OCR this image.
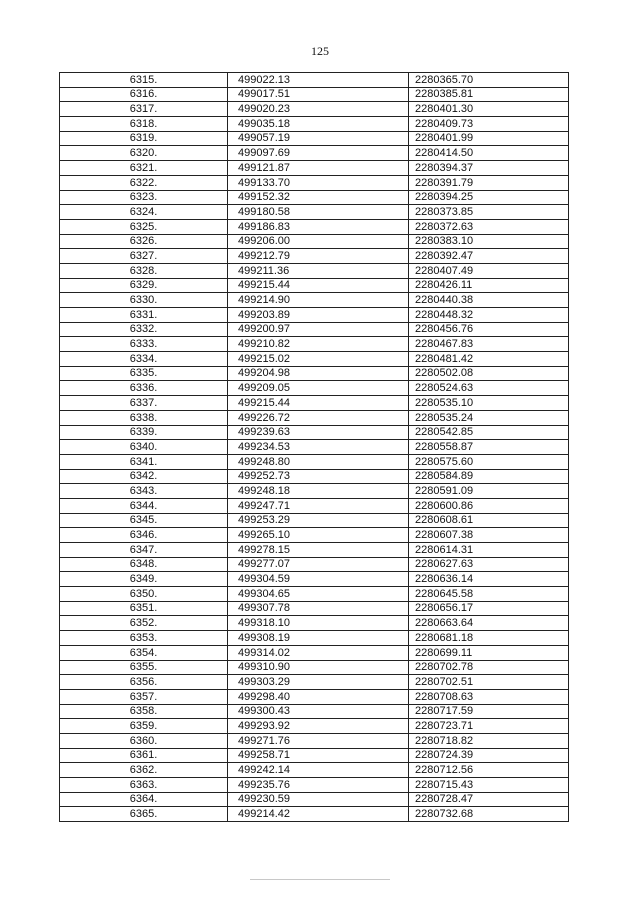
125
6315.	499022.13	2280365.70
6316.	499017.51	2280385.81
6317.	499020.23	2280401.30
6318.	499035.18	2280409.73
6319.	499057.19	2280401.99
6320.	499097.69	2280414.50
6321.	499121.87	2280394.37
6322.	499133.70	2280391.79
6323.	499152.32	2280394.25
6324.	499180.58	2280373.85
6325.	499186.83	2280372.63
6326.	499206.00	2280383.10
6327.	499212.79	2280392.47
6328.	499211.36	2280407.49
6329.	499215.44	2280426.11
6330.	499214.90	2280440.38
6331.	499203.89	2280448.32
6332.	499200.97	2280456.76
6333.	499210.82	2280467.83
6334.	499215.02	2280481.42
6335.	499204.98	2280502.08
6336.	499209.05	2280524.63
6337.	499215.44	2280535.10
6338.	499226.72	2280535.24
6339.	499239.63	2280542.85
6340.	499234.53	2280558.87
6341.	499248.80	2280575.60
6342.	499252.73	2280584.89
6343.	499248.18	2280591.09
6344.	499247.71	2280600.86
6345.	499253.29	2280608.61
6346.	499265.10	2280607.38
6347.	499278.15	2280614.31
6348.	499277.07	2280627.63
6349.	499304.59	2280636.14
6350.	499304.65	2280645.58
6351.	499307.78	2280656.17
6352.	499318.10	2280663.64
6353.	499308.19	2280681.18
6354.	499314.02	2280699.11
6355.	499310.90	2280702.78
6356.	499303.29	2280702.51
6357.	499298.40	2280708.63
6358.	499300.43	2280717.59
6359.	499293.92	2280723.71
6360.	499271.76	2280718.82
6361.	499258.71	2280724.39
6362.	499242.14	2280712.56
6363.	499235.76	2280715.43
6364.	499230.59	2280728.47
6365.	499214.42	2280732.68
